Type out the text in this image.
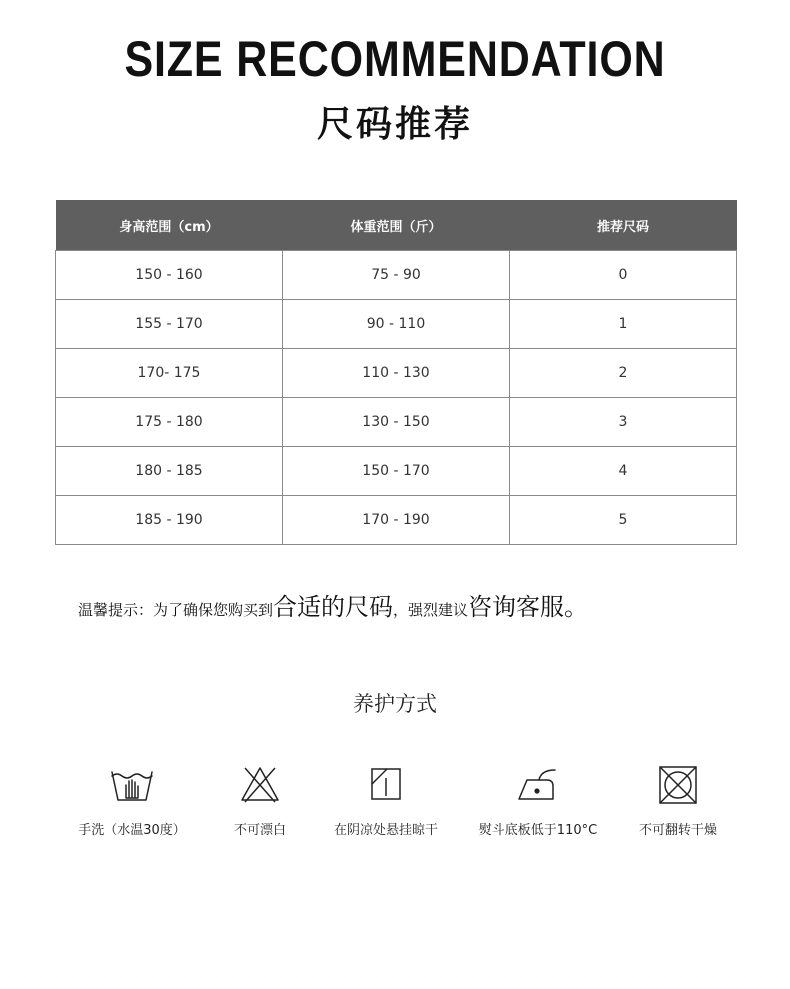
SIZE RECOMMENDATION
尺码推荐
身高范围（cm）	体重范围（斤）	推荐尺码
150 - 160	75 - 90	0
155 - 170	90 - 110	1
170- 175	110 - 130	2
175 - 180	130 - 150	3
180 - 185	150 - 170	4
185 - 190	170 - 190	5
温馨提示：为了确保您购买到合适的尺码，强烈建议咨询客服。
养护方式
手洗（水温30度）	不可漂白	在阴凉处悬挂晾干	熨斗底板低于110°C	不可翻转干燥
